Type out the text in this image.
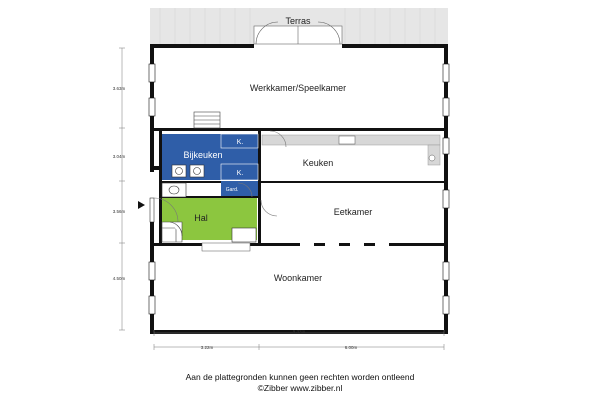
Terras
Werkkamer/Speelkamer
Bijkeuken
K.
K.
Keuken
Gard.
Hal
Eetkamer
Woonkamer
3.63m
3.04m
3.56m
4.50m
9.32m
3.22m	6.00m
Aan de plattegronden kunnen geen rechten worden ontleend
©Zibber www.zibber.nl
